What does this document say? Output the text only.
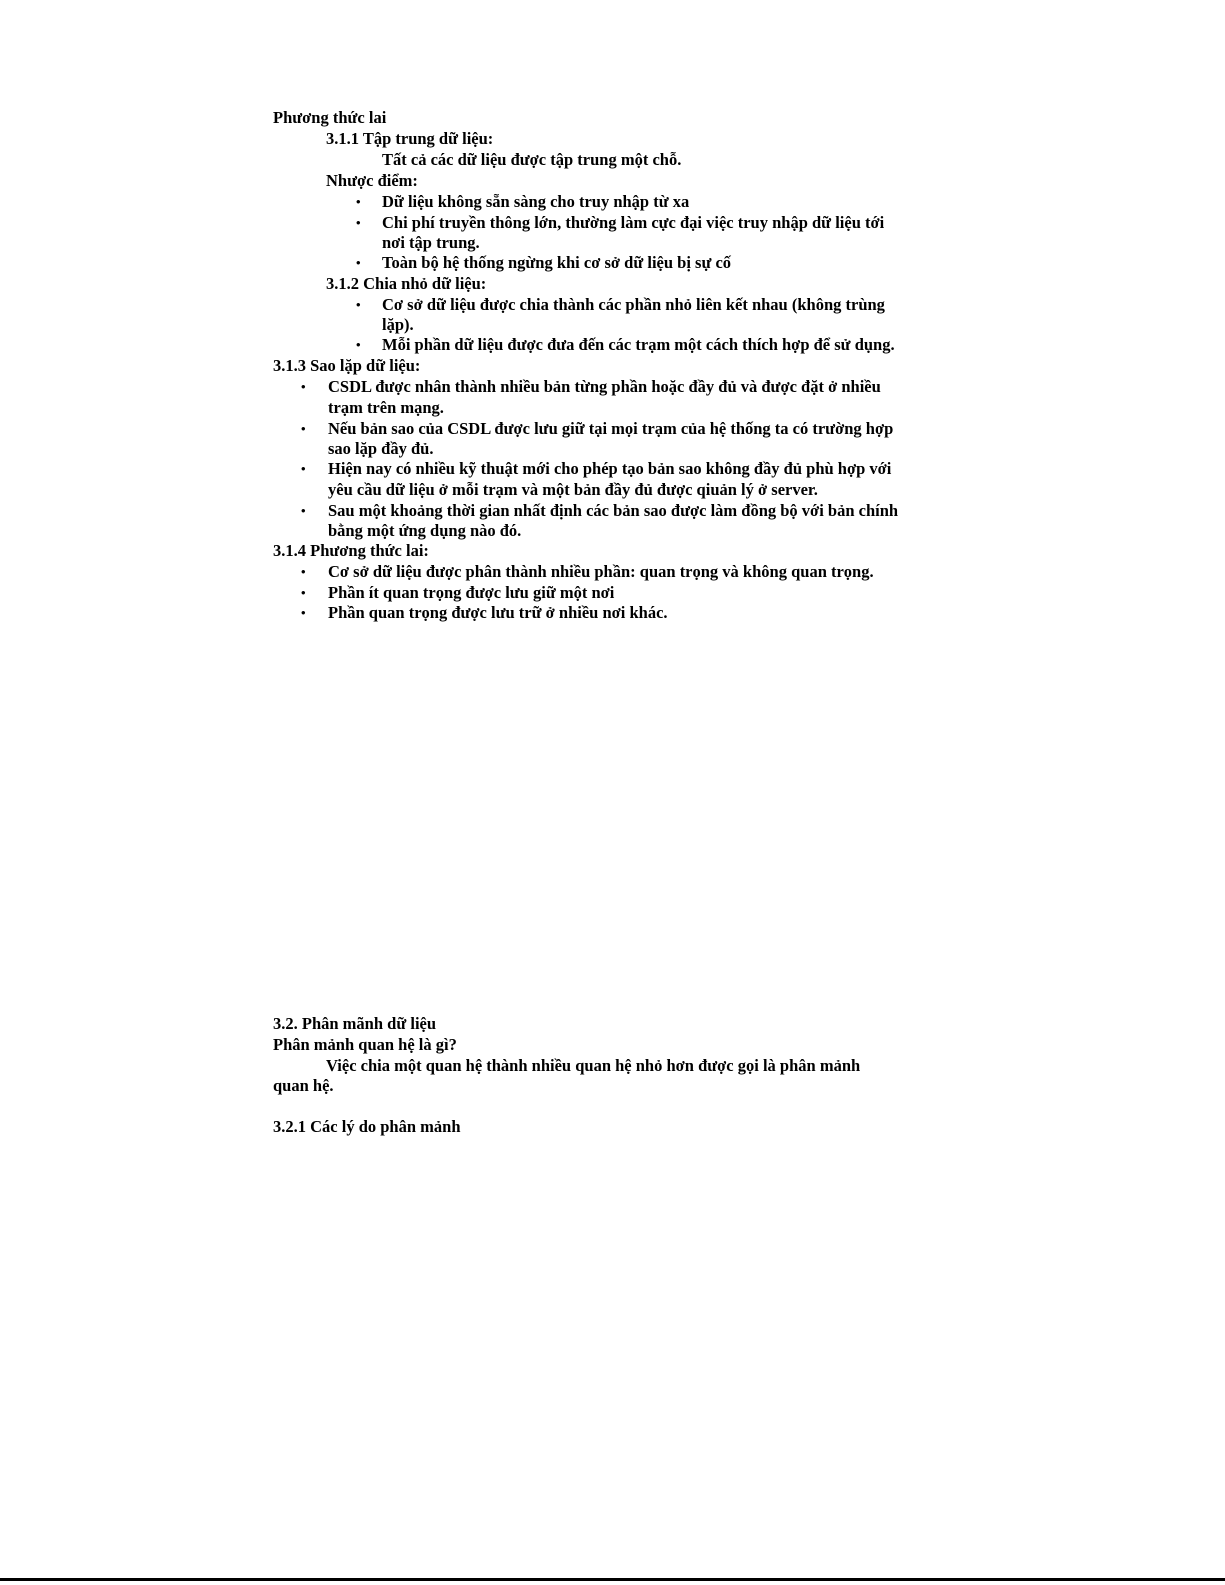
Phương thức lai

3.1.1 Tập trung dữ liệu:

Tất cả các dữ liệu được tập trung một chỗ.

Nhược điểm:

• Dữ liệu không sẵn sàng cho truy nhập từ xa

• Chi phí truyền thông lớn, thường làm cực đại việc truy nhập dữ liệu tới

nơi tập trung.

• Toàn bộ hệ thống ngừng khi cơ sở dữ liệu bị sự cố

3.1.2 Chia nhỏ dữ liệu:

• Cơ sở dữ liệu được chia thành các phần nhỏ liên kết nhau (không trùng

lặp).

• Mỗi phần dữ liệu được đưa đến các trạm một cách thích hợp để sử dụng.

3.1.3 Sao lặp dữ liệu:

• CSDL được nhân thành nhiều bản từng phần hoặc đầy đủ và được đặt ở nhiều

trạm trên mạng.

• Nếu bản sao của CSDL được lưu giữ tại mọi trạm của hệ thống ta có trường hợp

sao lặp đầy đủ.

• Hiện nay có nhiều kỹ thuật mới cho phép tạo bản sao không đầy đủ phù hợp với

yêu cầu dữ liệu ở mỗi trạm và một bản đầy đủ được qiuản lý ở server.

• Sau một khoảng thời gian nhất định các bản sao được làm đồng bộ với bản chính

bằng một ứng dụng nào đó.

3.1.4 Phương thức lai:

• Cơ sở dữ liệu được phân thành nhiều phần: quan trọng và không quan trọng.

• Phần ít quan trọng được lưu giữ một nơi

• Phần quan trọng được lưu trữ ở nhiều nơi khác.

3.2. Phân mãnh dữ liệu

Phân mảnh quan hệ là gì?

Việc chia một quan hệ thành nhiều quan hệ nhỏ hơn được gọi là phân mảnh

quan hệ.

3.2.1 Các lý do phân mảnh
